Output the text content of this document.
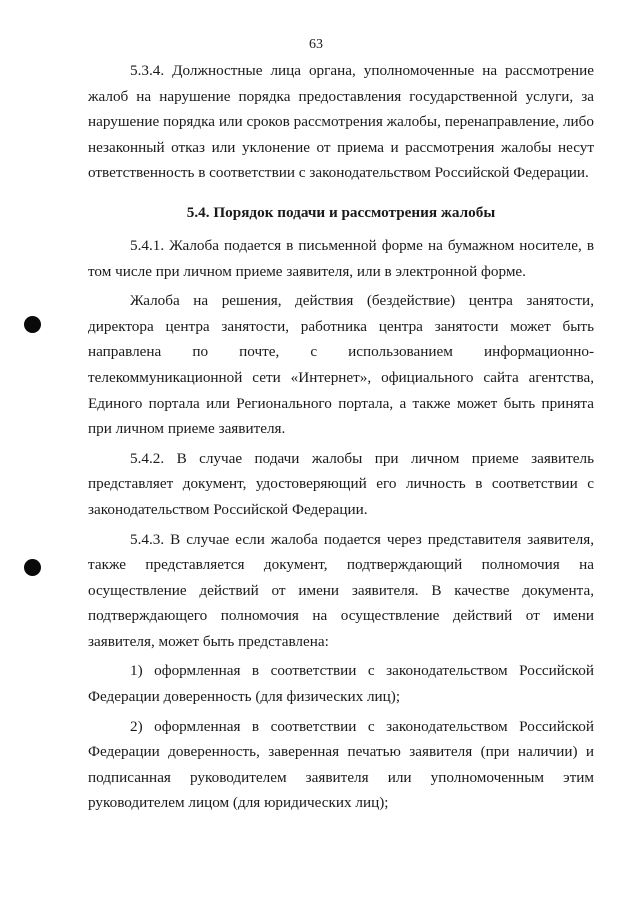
63

5.3.4. Должностные лица органа, уполномоченные на рассмотрение жалоб на нарушение порядка предоставления государственной услуги, за нарушение порядка или сроков рассмотрения жалобы, перенаправление, либо незаконный отказ или уклонение от приема и рассмотрения жалобы несут ответственность в соответствии с законодательством Российской Федерации.

5.4. Порядок подачи и рассмотрения жалобы

5.4.1. Жалоба подается в письменной форме на бумажном носителе, в том числе при личном приеме заявителя, или в электронной форме.

Жалоба на решения, действия (бездействие) центра занятости, директора центра занятости, работника центра занятости может быть направлена по почте, с использованием информационно-телекоммуникационной сети «Интернет», официального сайта агентства, Единого портала или Регионального портала, а также может быть принята при личном приеме заявителя.

5.4.2. В случае подачи жалобы при личном приеме заявитель представляет документ, удостоверяющий его личность в соответствии с законодательством Российской Федерации.

5.4.3. В случае если жалоба подается через представителя заявителя, также представляется документ, подтверждающий полномочия на осуществление действий от имени заявителя. В качестве документа, подтверждающего полномочия на осуществление действий от имени заявителя, может быть представлена:

1) оформленная в соответствии с законодательством Российской Федерации доверенность (для физических лиц);

2) оформленная в соответствии с законодательством Российской Федерации доверенность, заверенная печатью заявителя (при наличии) и подписанная руководителем заявителя или уполномоченным этим руководителем лицом (для юридических лиц);
